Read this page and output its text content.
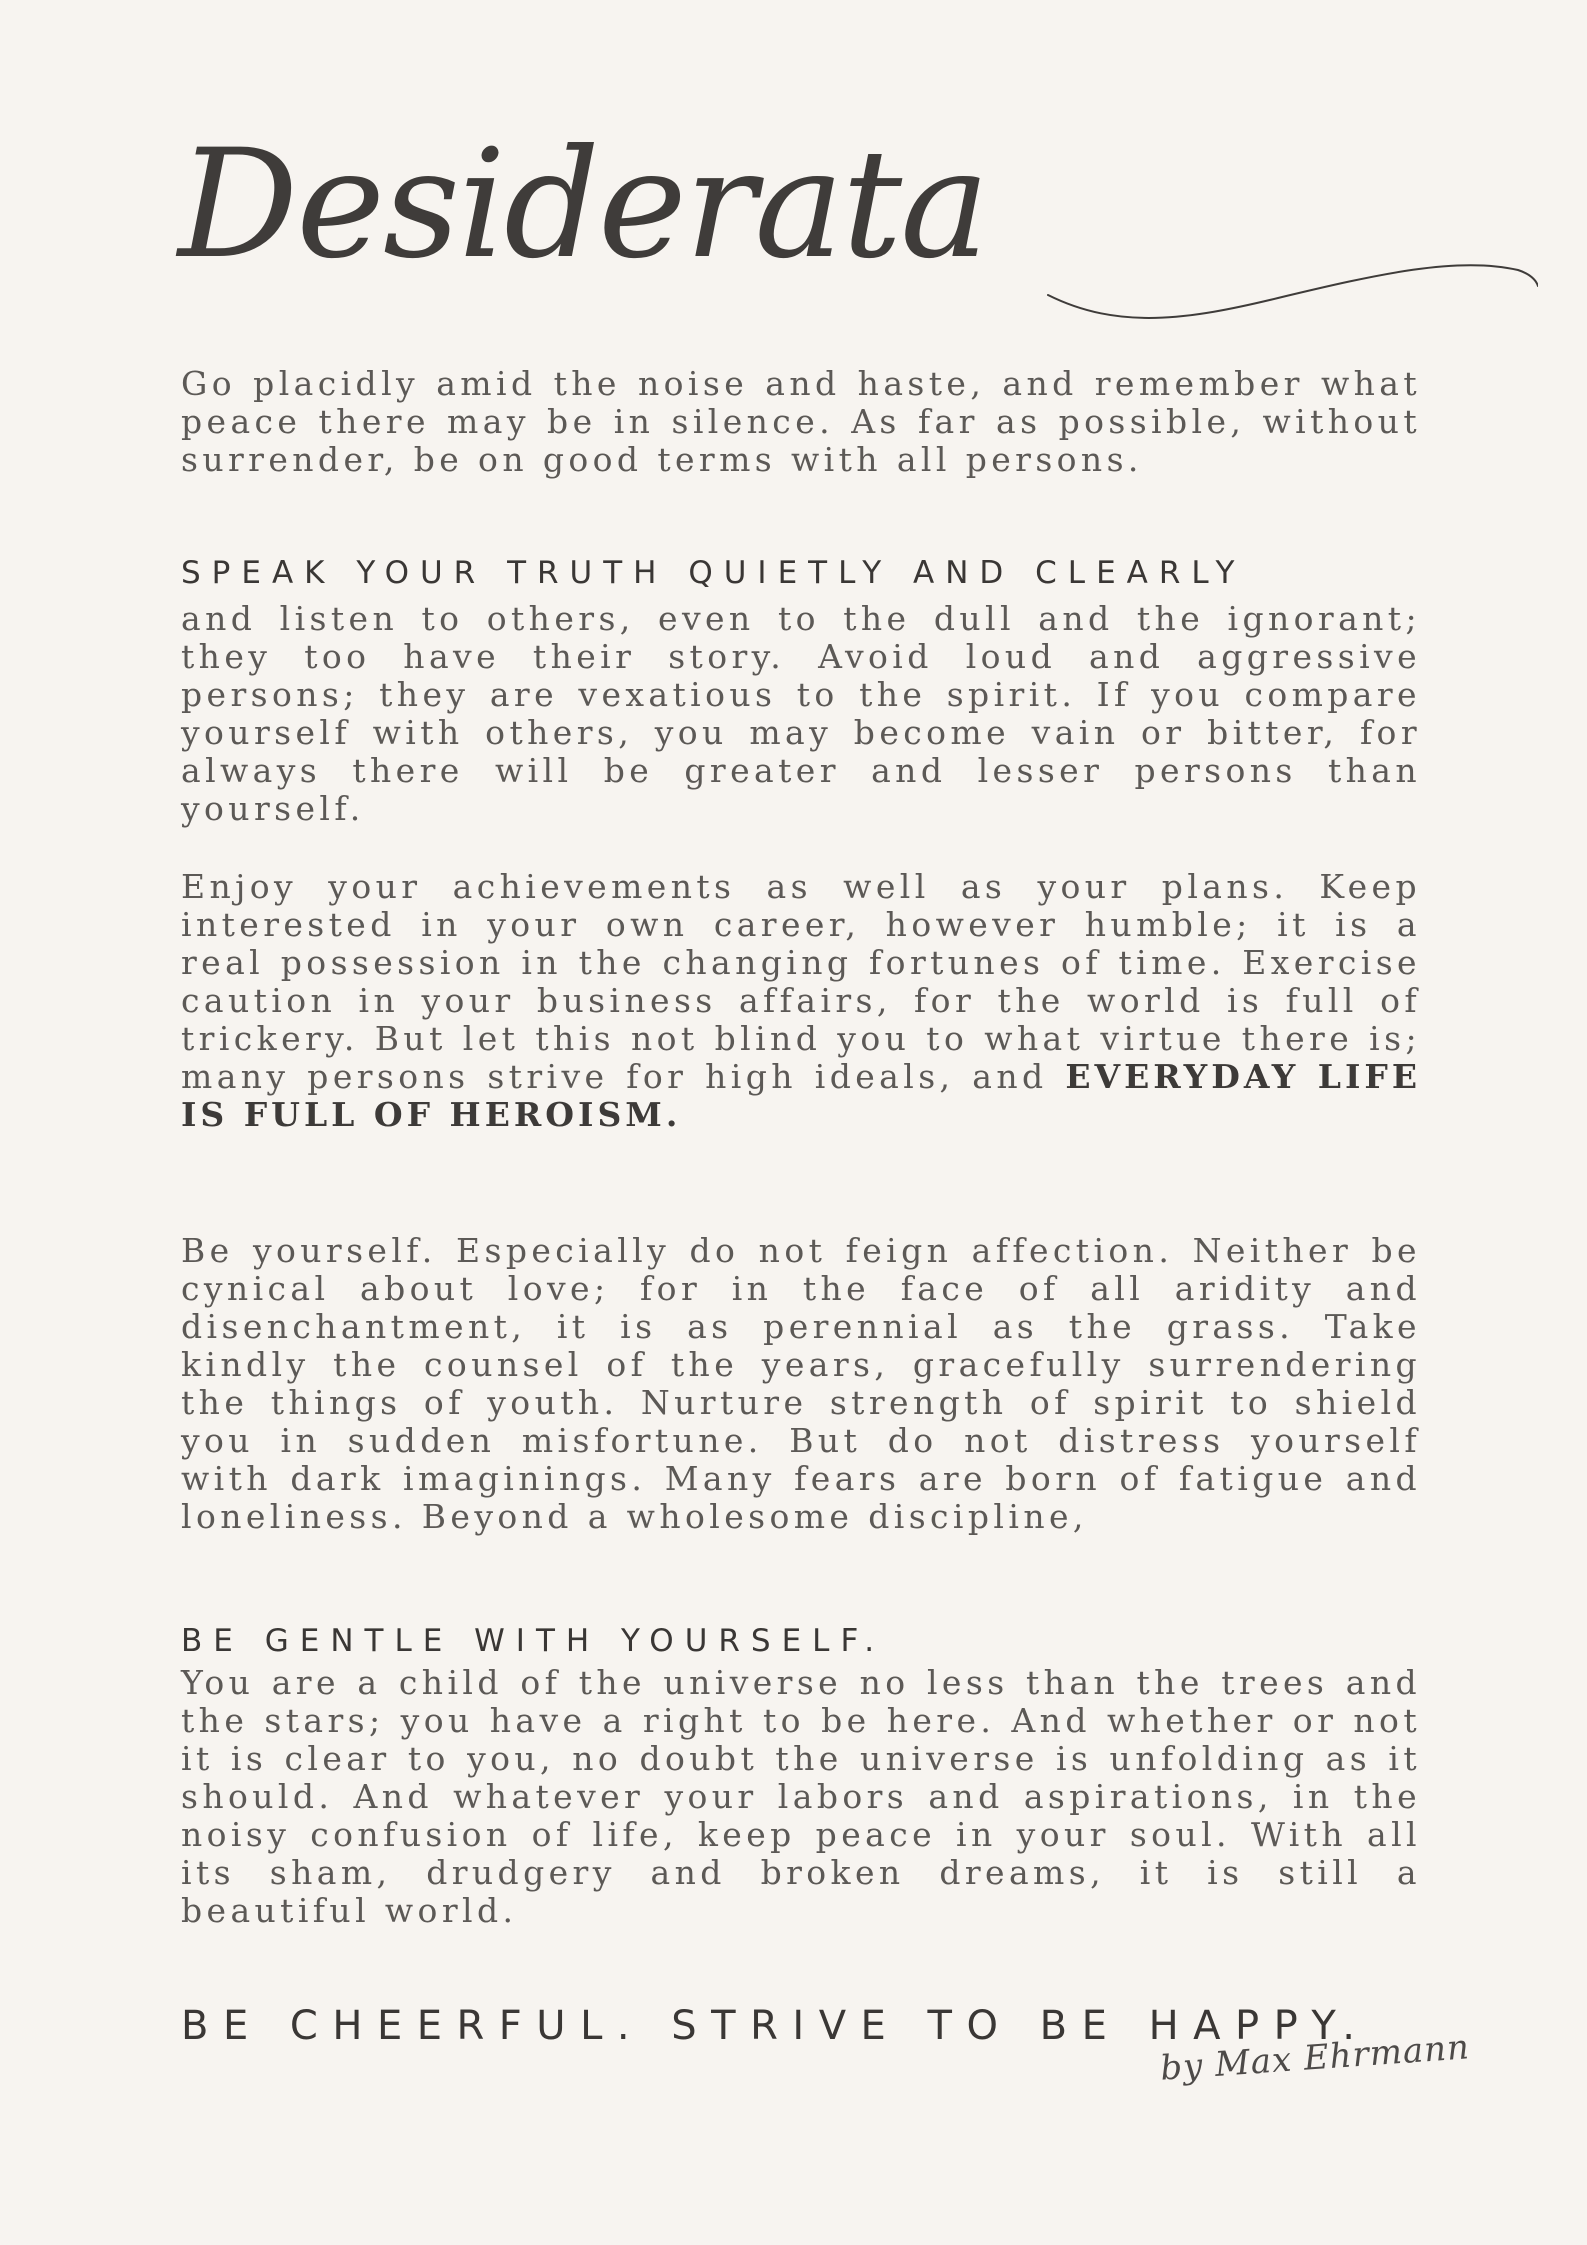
Desiderata

Go placidly amid the noise and haste, and remember what peace there may be in silence. As far as possible, without surrender, be on good terms with all persons.

SPEAK YOUR TRUTH QUIETLY AND CLEARLY

and listen to others, even to the dull and the ignorant; they too have their story. Avoid loud and aggressive persons; they are vexatious to the spirit. If you compare yourself with others, you may become vain or bitter, for always there will be greater and lesser persons than yourself.

Enjoy your achievements as well as your plans. Keep interested in your own career, however humble; it is a real possession in the changing fortunes of time. Exercise caution in your business affairs, for the world is full of trickery. But let this not blind you to what virtue there is; many persons strive for high ideals, and EVERYDAY LIFE IS FULL OF HEROISM.

Be yourself. Especially do not feign affection. Neither be cynical about love; for in the face of all aridity and disenchantment, it is as perennial as the grass. Take kindly the counsel of the years, gracefully surrendering the things of youth. Nurture strength of spirit to shield you in sudden misfortune. But do not distress yourself with dark imaginings. Many fears are born of fatigue and loneliness. Beyond a wholesome discipline,

BE GENTLE WITH YOURSELF.

You are a child of the universe no less than the trees and the stars; you have a right to be here. And whether or not it is clear to you, no doubt the universe is unfolding as it should. And whatever your labors and aspirations, in the noisy confusion of life, keep peace in your soul. With all its sham, drudgery and broken dreams, it is still a beautiful world.

BE CHEERFUL. STRIVE TO BE HAPPY.
by Max Ehrmann
